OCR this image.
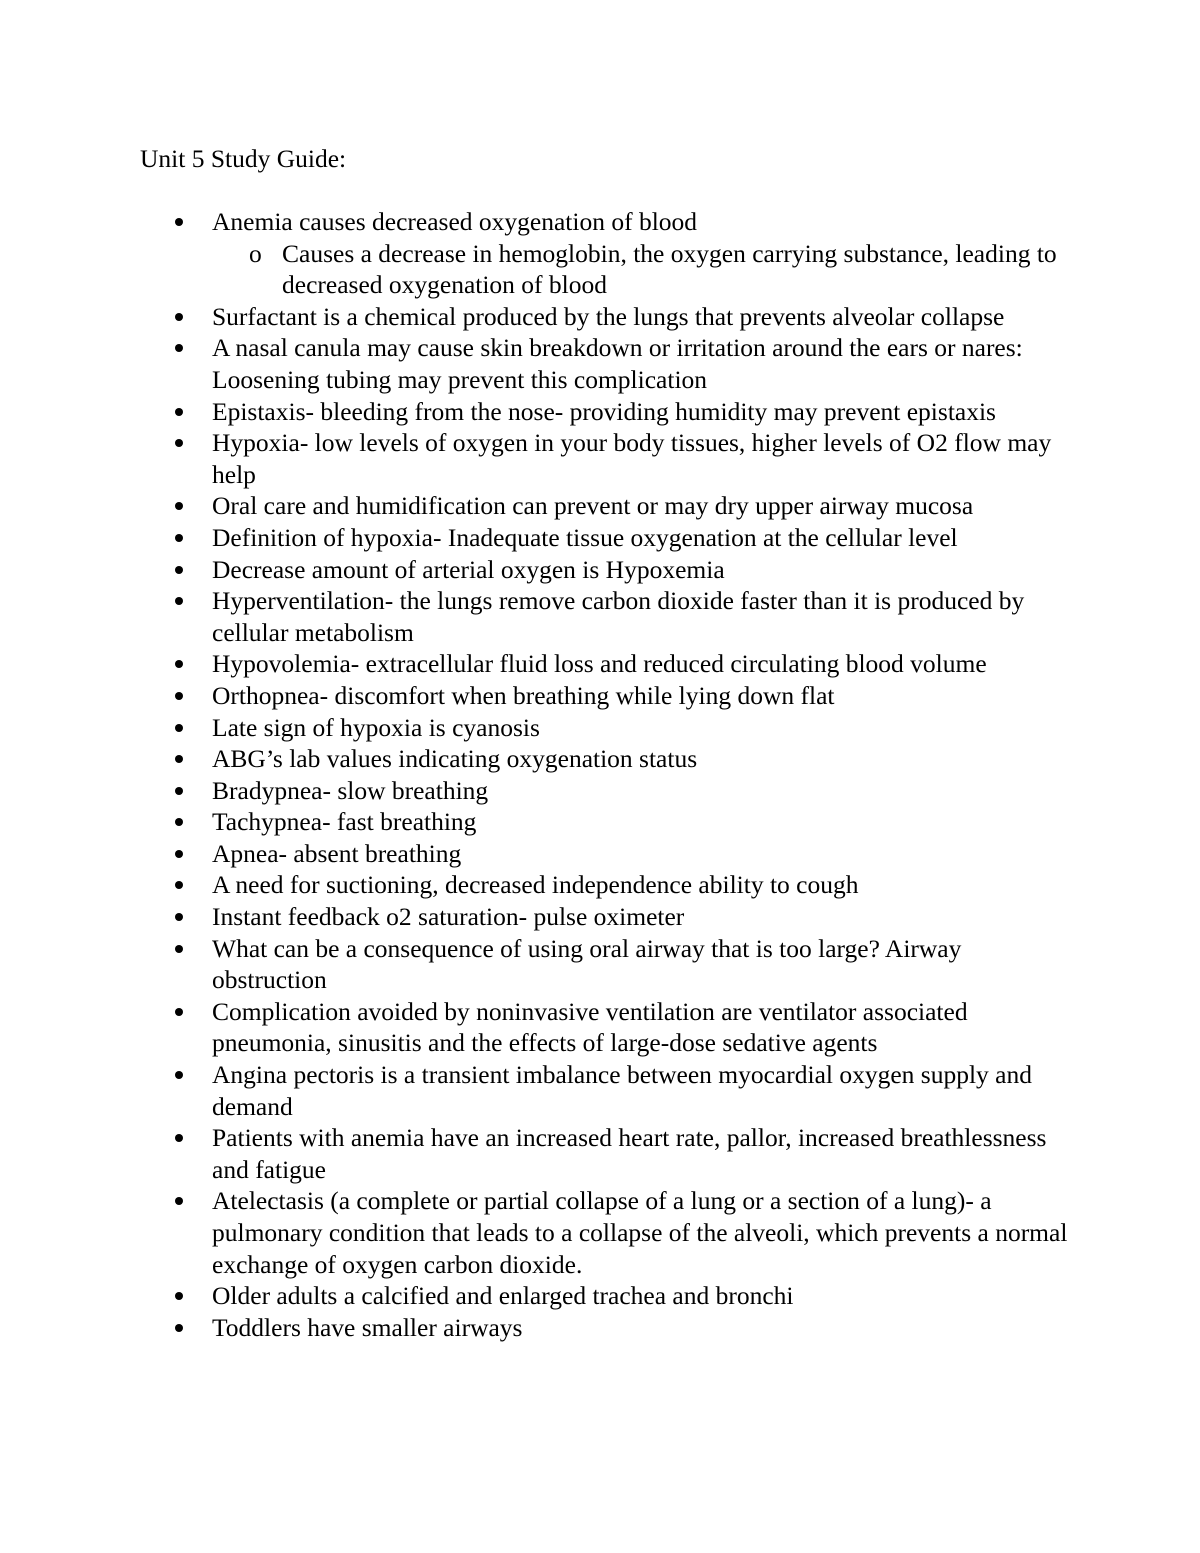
Unit 5 Study Guide:
Anemia causes decreased oxygenation of blood
o Causes a decrease in hemoglobin, the oxygen carrying substance, leading to decreased oxygenation of blood
Surfactant is a chemical produced by the lungs that prevents alveolar collapse
A nasal canula may cause skin breakdown or irritation around the ears or nares: Loosening tubing may prevent this complication
Epistaxis- bleeding from the nose- providing humidity may prevent epistaxis
Hypoxia- low levels of oxygen in your body tissues, higher levels of O2 flow may help
Oral care and humidification can prevent or may dry upper airway mucosa
Definition of hypoxia- Inadequate tissue oxygenation at the cellular level
Decrease amount of arterial oxygen is Hypoxemia
Hyperventilation- the lungs remove carbon dioxide faster than it is produced by cellular metabolism
Hypovolemia- extracellular fluid loss and reduced circulating blood volume
Orthopnea- discomfort when breathing while lying down flat
Late sign of hypoxia is cyanosis
ABG’s lab values indicating oxygenation status
Bradypnea- slow breathing
Tachypnea- fast breathing
Apnea- absent breathing
A need for suctioning, decreased independence ability to cough
Instant feedback o2 saturation- pulse oximeter
What can be a consequence of using oral airway that is too large? Airway obstruction
Complication avoided by noninvasive ventilation are ventilator associated pneumonia, sinusitis and the effects of large-dose sedative agents
Angina pectoris is a transient imbalance between myocardial oxygen supply and demand
Patients with anemia have an increased heart rate, pallor, increased breathlessness and fatigue
Atelectasis (a complete or partial collapse of a lung or a section of a lung)- a pulmonary condition that leads to a collapse of the alveoli, which prevents a normal exchange of oxygen carbon dioxide.
Older adults a calcified and enlarged trachea and bronchi
Toddlers have smaller airways
